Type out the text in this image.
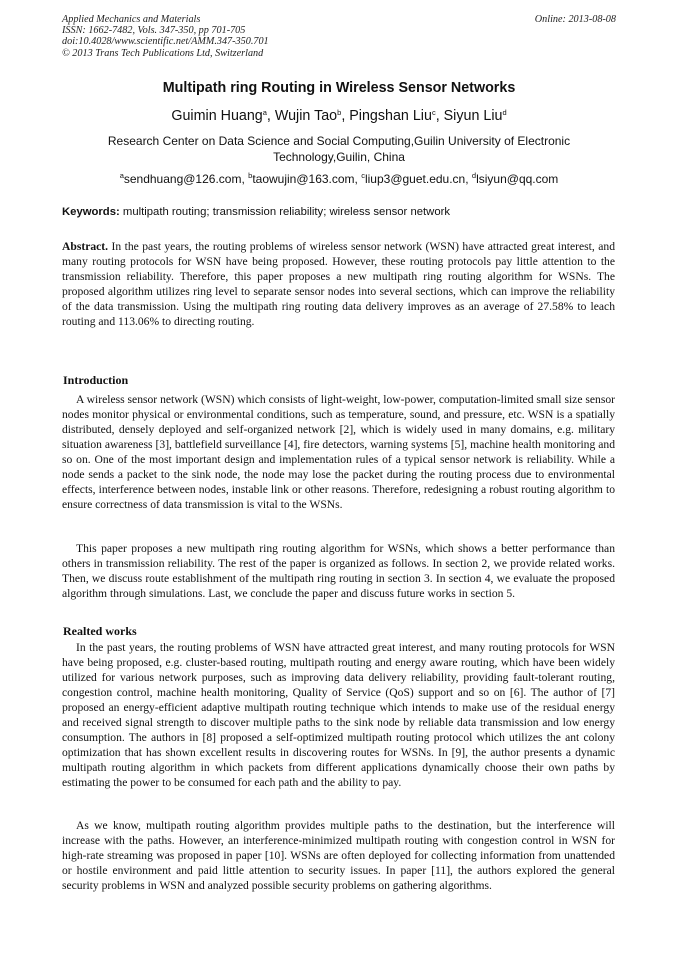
Applied Mechanics and Materials
ISSN: 1662-7482, Vols. 347-350, pp 701-705
doi:10.4028/www.scientific.net/AMM.347-350.701
© 2013 Trans Tech Publications Ltd, Switzerland
Online: 2013-08-08
Multipath ring Routing in Wireless Sensor Networks
Guimin Huang$^a$, Wujin Tao$^b$, Pingshan Liu$^c$, Siyun Liu$^d$
Research Center on Data Science and Social Computing,Guilin University of Electronic Technology,Guilin, China
$^a$sendhuang@126.com, $^b$taowujin@163.com, $^c$liup3@guet.edu.cn, $^d$lsiyun@qq.com
Keywords: multipath routing; transmission reliability; wireless sensor network
Abstract. In the past years, the routing problems of wireless sensor network (WSN) have attracted great interest, and many routing protocols for WSN have being proposed. However, these routing protocols pay little attention to the transmission reliability. Therefore, this paper proposes a new multipath ring routing algorithm for WSNs. The proposed algorithm utilizes ring level to separate sensor nodes into several sections, which can improve the reliability of the data transmission. Using the multipath ring routing data delivery improves as an average of 27.58% to leach routing and 113.06% to directing routing.
Introduction

A wireless sensor network (WSN) which consists of light-weight, low-power, computation-limited small size sensor nodes monitor physical or environmental conditions, such as temperature, sound, and pressure, etc. WSN is a spatially distributed, densely deployed and self-organized network [2], which is widely used in many domains, e.g. military situation awareness [3], battlefield surveillance [4], fire detectors, warning systems [5], machine health monitoring and so on. One of the most important design and implementation rules of a typical sensor network is reliability. While a node sends a packet to the sink node, the node may lose the packet during the routing process due to environmental effects, interference between nodes, instable link or other reasons. Therefore, redesigning a robust routing algorithm to ensure correctness of data transmission is vital to the WSNs.

This paper proposes a new multipath ring routing algorithm for WSNs, which shows a better performance than others in transmission reliability. The rest of the paper is organized as follows. In section 2, we provide related works. Then, we discuss route establishment of the multipath ring routing in section 3. In section 4, we evaluate the proposed algorithm through simulations. Last, we conclude the paper and discuss future works in section 5.

Realted works

In the past years, the routing problems of WSN have attracted great interest, and many routing protocols for WSN have being proposed, e.g. cluster-based routing, multipath routing and energy aware routing, which have been widely utilized for various network purposes, such as improving data delivery reliability, providing fault-tolerant routing, congestion control, machine health monitoring, Quality of Service (QoS) support and so on [6]. The author of [7] proposed an energy-efficient adaptive multipath routing technique which intends to make use of the residual energy and received signal strength to discover multiple paths to the sink node by reliable data transmission and low energy consumption. The authors in [8] proposed a self-optimized multipath routing protocol which utilizes the ant colony optimization that has shown excellent results in discovering routes for WSNs. In [9], the author presents a dynamic multipath routing algorithm in which packets from different applications dynamically choose their own paths by estimating the power to be consumed for each path and the ability to pay.

As we know, multipath routing algorithm provides multiple paths to the destination, but the interference will increase with the paths. However, an interference-minimized multipath routing with congestion control in WSN for high-rate streaming was proposed in paper [10]. WSNs are often deployed for collecting information from unattended or hostile environment and paid little attention to security issues. In paper [11], the authors explored the general security problems in WSN and analyzed possible security problems on gathering algorithms.
